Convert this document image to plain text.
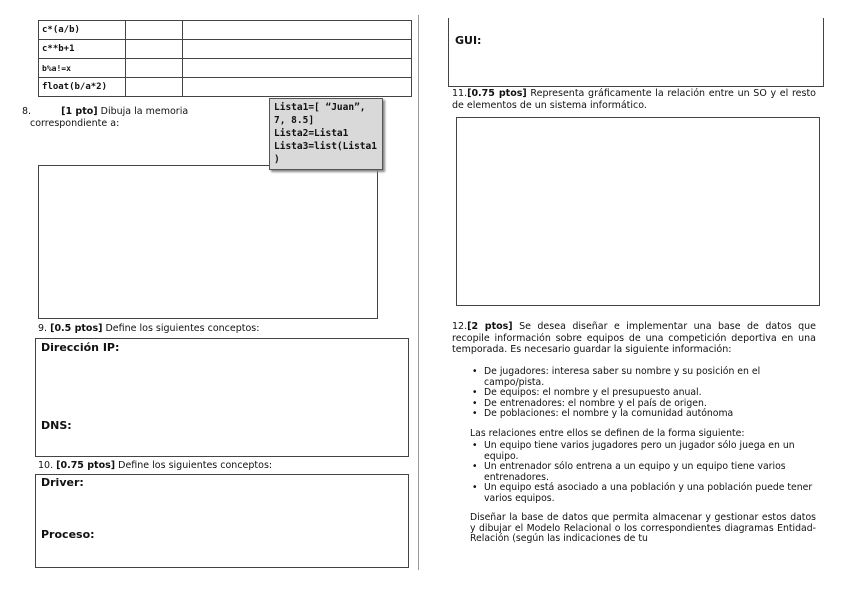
c*(a/b)		
c**b+1		
b%a!=x		
float(b/a*2)		
8.	[1 pto] Dibuja la memoria
correspondiente a:
Lista1=[ “Juan”,
7, 8.5]
Lista2=Lista1
Lista3=list(Lista1
)
9. [0.5 ptos] Define los siguientes conceptos:
Dirección IP:
DNS:
10. [0.75 ptos] Define los siguientes conceptos:
Driver:
Proceso:
GUI:
11.[0.75 ptos] Representa gráficamente la relación entre un SO y el resto de elementos de un sistema informático.
12.[2 ptos] Se desea diseñar e implementar una base de datos que recopile información sobre equipos de una competición deportiva en una temporada. Es necesario guardar la siguiente información:
• De jugadores: interesa saber su nombre y su posición en el campo/pista.
• De equipos: el nombre y el presupuesto anual.
• De entrenadores: el nombre y el país de origen.
• De poblaciones: el nombre y la comunidad autónoma
Las relaciones entre ellos se definen de la forma siguiente:
• Un equipo tiene varios jugadores pero un jugador sólo juega en un equipo.
• Un entrenador sólo entrena a un equipo y un equipo tiene varios entrenadores.
• Un equipo está asociado a una población y una población puede tener varios equipos.
Diseñar la base de datos que permita almacenar y gestionar estos datos y dibujar el Modelo Relacional o los correspondientes diagramas Entidad-Relación (según las indicaciones de tu
